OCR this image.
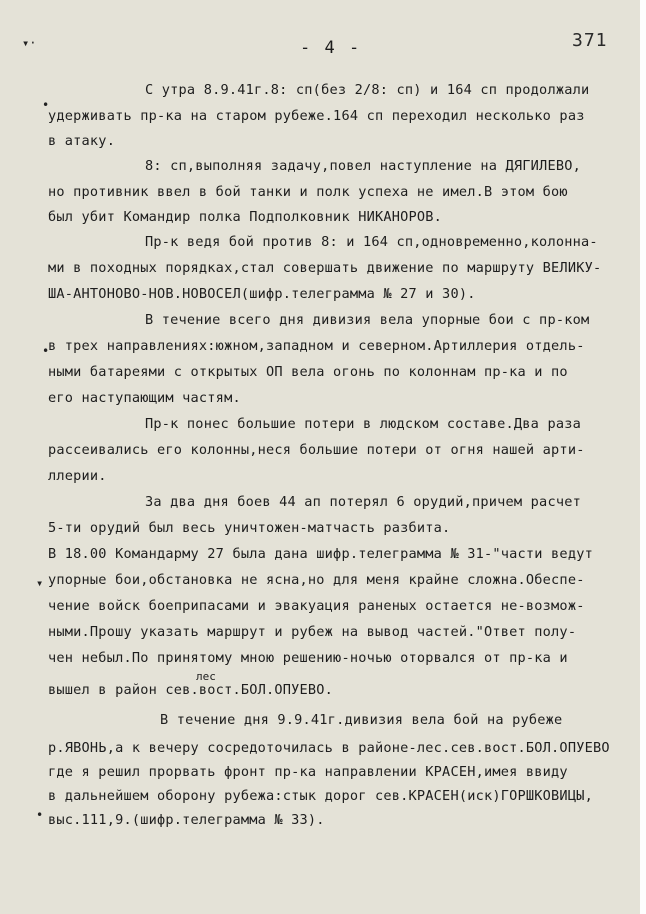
▾·
•
•
▾
•
- 4 -	371
С утра 8.9.41г.8: сп(без 2/8: сп) и 164 сп продолжали
удерживать пр-ка на старом рубеже.164 сп переходил несколько раз
в атаку.
8: сп,выполняя задачу,повел наступление на ДЯГИЛЕВО,
но противник ввел в бой танки и полк успеха не имел.В этом бою
был убит Командир полка Подполковник НИКАНОРОВ.
Пр-к ведя бой против 8: и 164 сп,одновременно,колонна-
ми в походных порядках,стал совершать движение по маршруту ВЕЛИКУ-
ША-АНТОНОВО-НОВ.НОВОСЕЛ(шифр.телеграмма № 27 и 30).
В течение всего дня дивизия вела упорные бои с пр-ком
в трех направлениях:южном,западном и северном.Артиллерия отдель-
ными батареями с открытых ОП вела огонь по колоннам пр-ка и по
его наступающим частям.
Пр-к понес большие потери в людском составе.Два раза
рассеивались его колонны,неся большие потери от огня нашей арти-
ллерии.
За два дня боев 44 ап потерял 6 орудий,причем расчет
5-ти орудий был весь уничтожен-матчасть разбита.
В 18.00 Командарму 27 была дана шифр.телеграмма № 31-"части ведут
упорные бои,обстановка не ясна,но для меня крайне сложна.Обеспе-
чение войск боеприпасами и эвакуация раненых остается не-возмож-
ными.Прошу указать маршрут и рубеж на вывод частей."Ответ полу-
чен небыл.По принятому мною решению-ночью оторвался от пр-ка и
лес
вышел в район сев.вост.БОЛ.ОПУЕВО.
В течение дня 9.9.41г.дивизия вела бой на рубеже
р.ЯВОНЬ,а к вечеру сосредоточилась в районе-лес.сев.вост.БОЛ.ОПУЕВО
где я решил прорвать фронт пр-ка направлении КРАСЕН,имея ввиду
в дальнейшем оборону рубежа:стык дорог сев.КРАСЕН(иск)ГОРШКОВИЦЫ,
выс.111,9.(шифр.телеграмма № 33).
